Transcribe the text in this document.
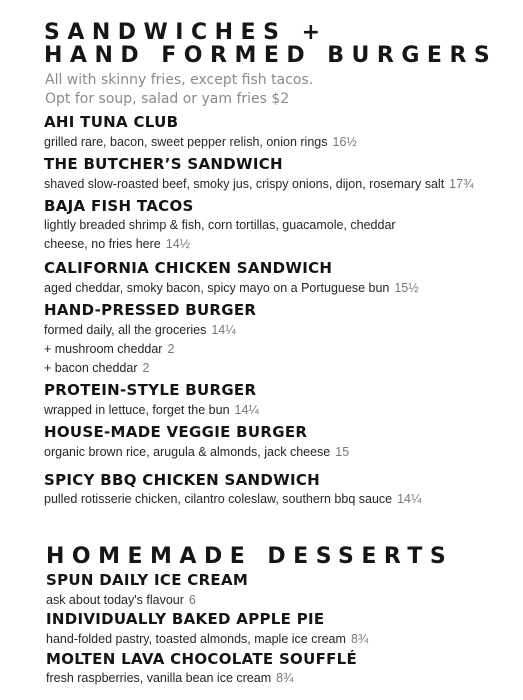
SANDWICHES +
HAND FORMED BURGERS
All with skinny fries, except fish tacos.
Opt for soup, salad or yam fries $2
AHI TUNA CLUB
grilled rare, bacon, sweet pepper relish, onion rings 16½
THE BUTCHER’S SANDWICH
shaved slow-roasted beef, smoky jus, crispy onions, dijon, rosemary salt 17¾
BAJA FISH TACOS
lightly breaded shrimp & fish, corn tortillas, guacamole, cheddar
cheese, no fries here 14½
CALIFORNIA CHICKEN SANDWICH
aged cheddar, smoky bacon, spicy mayo on a Portuguese bun 15½
HAND-PRESSED BURGER
formed daily, all the groceries 14¼
+ mushroom cheddar 2
+ bacon cheddar 2
PROTEIN-STYLE BURGER
wrapped in lettuce, forget the bun 14¼
HOUSE-MADE VEGGIE BURGER
organic brown rice, arugula & almonds, jack cheese 15
SPICY BBQ CHICKEN SANDWICH
pulled rotisserie chicken, cilantro coleslaw, southern bbq sauce 14¼
HOMEMADE DESSERTS
SPUN DAILY ICE CREAM
ask about today's flavour 6
INDIVIDUALLY BAKED APPLE PIE
hand-folded pastry, toasted almonds, maple ice cream 8¾
MOLTEN LAVA CHOCOLATE SOUFFLÉ
fresh raspberries, vanilla bean ice cream 8¾
